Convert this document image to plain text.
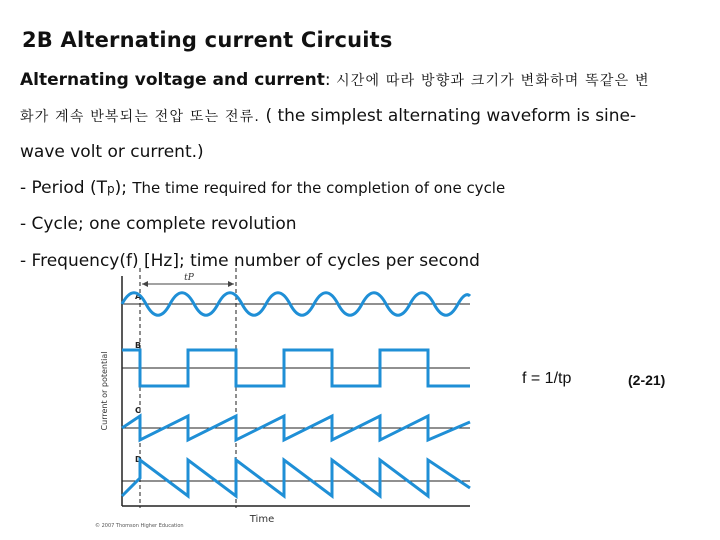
2B Alternating current Circuits
Alternating voltage and current: 시간에 따라 방향과 크기가 변화하며 똑같은 변
화가 계속 반복되는 전압 또는 전류. ( the simplest alternating waveform is sine-
wave volt or current.)
- Period (Tp); The time required for the completion of one cycle
- Cycle; one complete revolution
- Frequency(f) [Hz]; time number of cycles per second
tP
Current or potential
Time
© 2007 Thomson Higher Education
A
B
C
D
f = 1/tp	(2-21)
